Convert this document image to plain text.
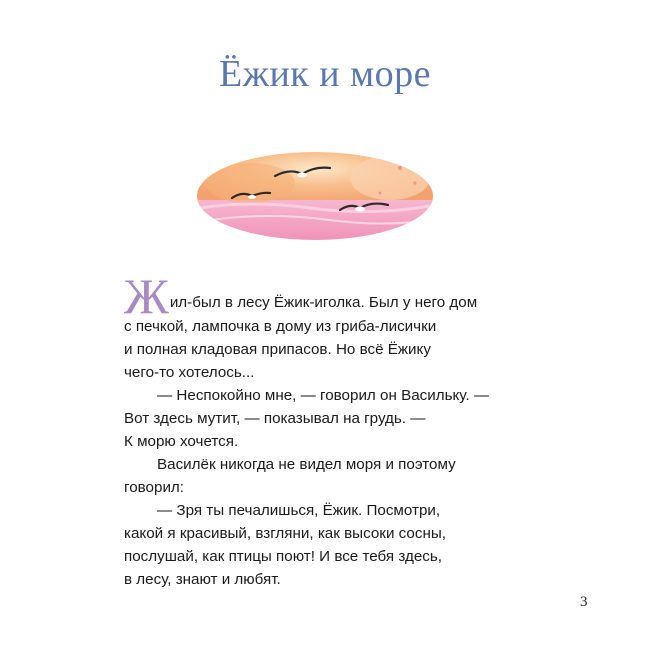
Ёжик и море
Жил-был в лесу Ёжик-иголка. Был у него дом
с печкой, лампочка в дому из гриба-лисички
и полная кладовая припасов. Но всё Ёжику
чего-то хотелось...
— Неспокойно мне, — говорил он Васильку. —
Вот здесь мутит, — показывал на грудь. —
К морю хочется.
Василёк никогда не видел моря и поэтому
говорил:
— Зря ты печалишься, Ёжик. Посмотри,
какой я красивый, взгляни, как высоки сосны,
послушай, как птицы поют! И все тебя здесь,
в лесу, знают и любят.
3
